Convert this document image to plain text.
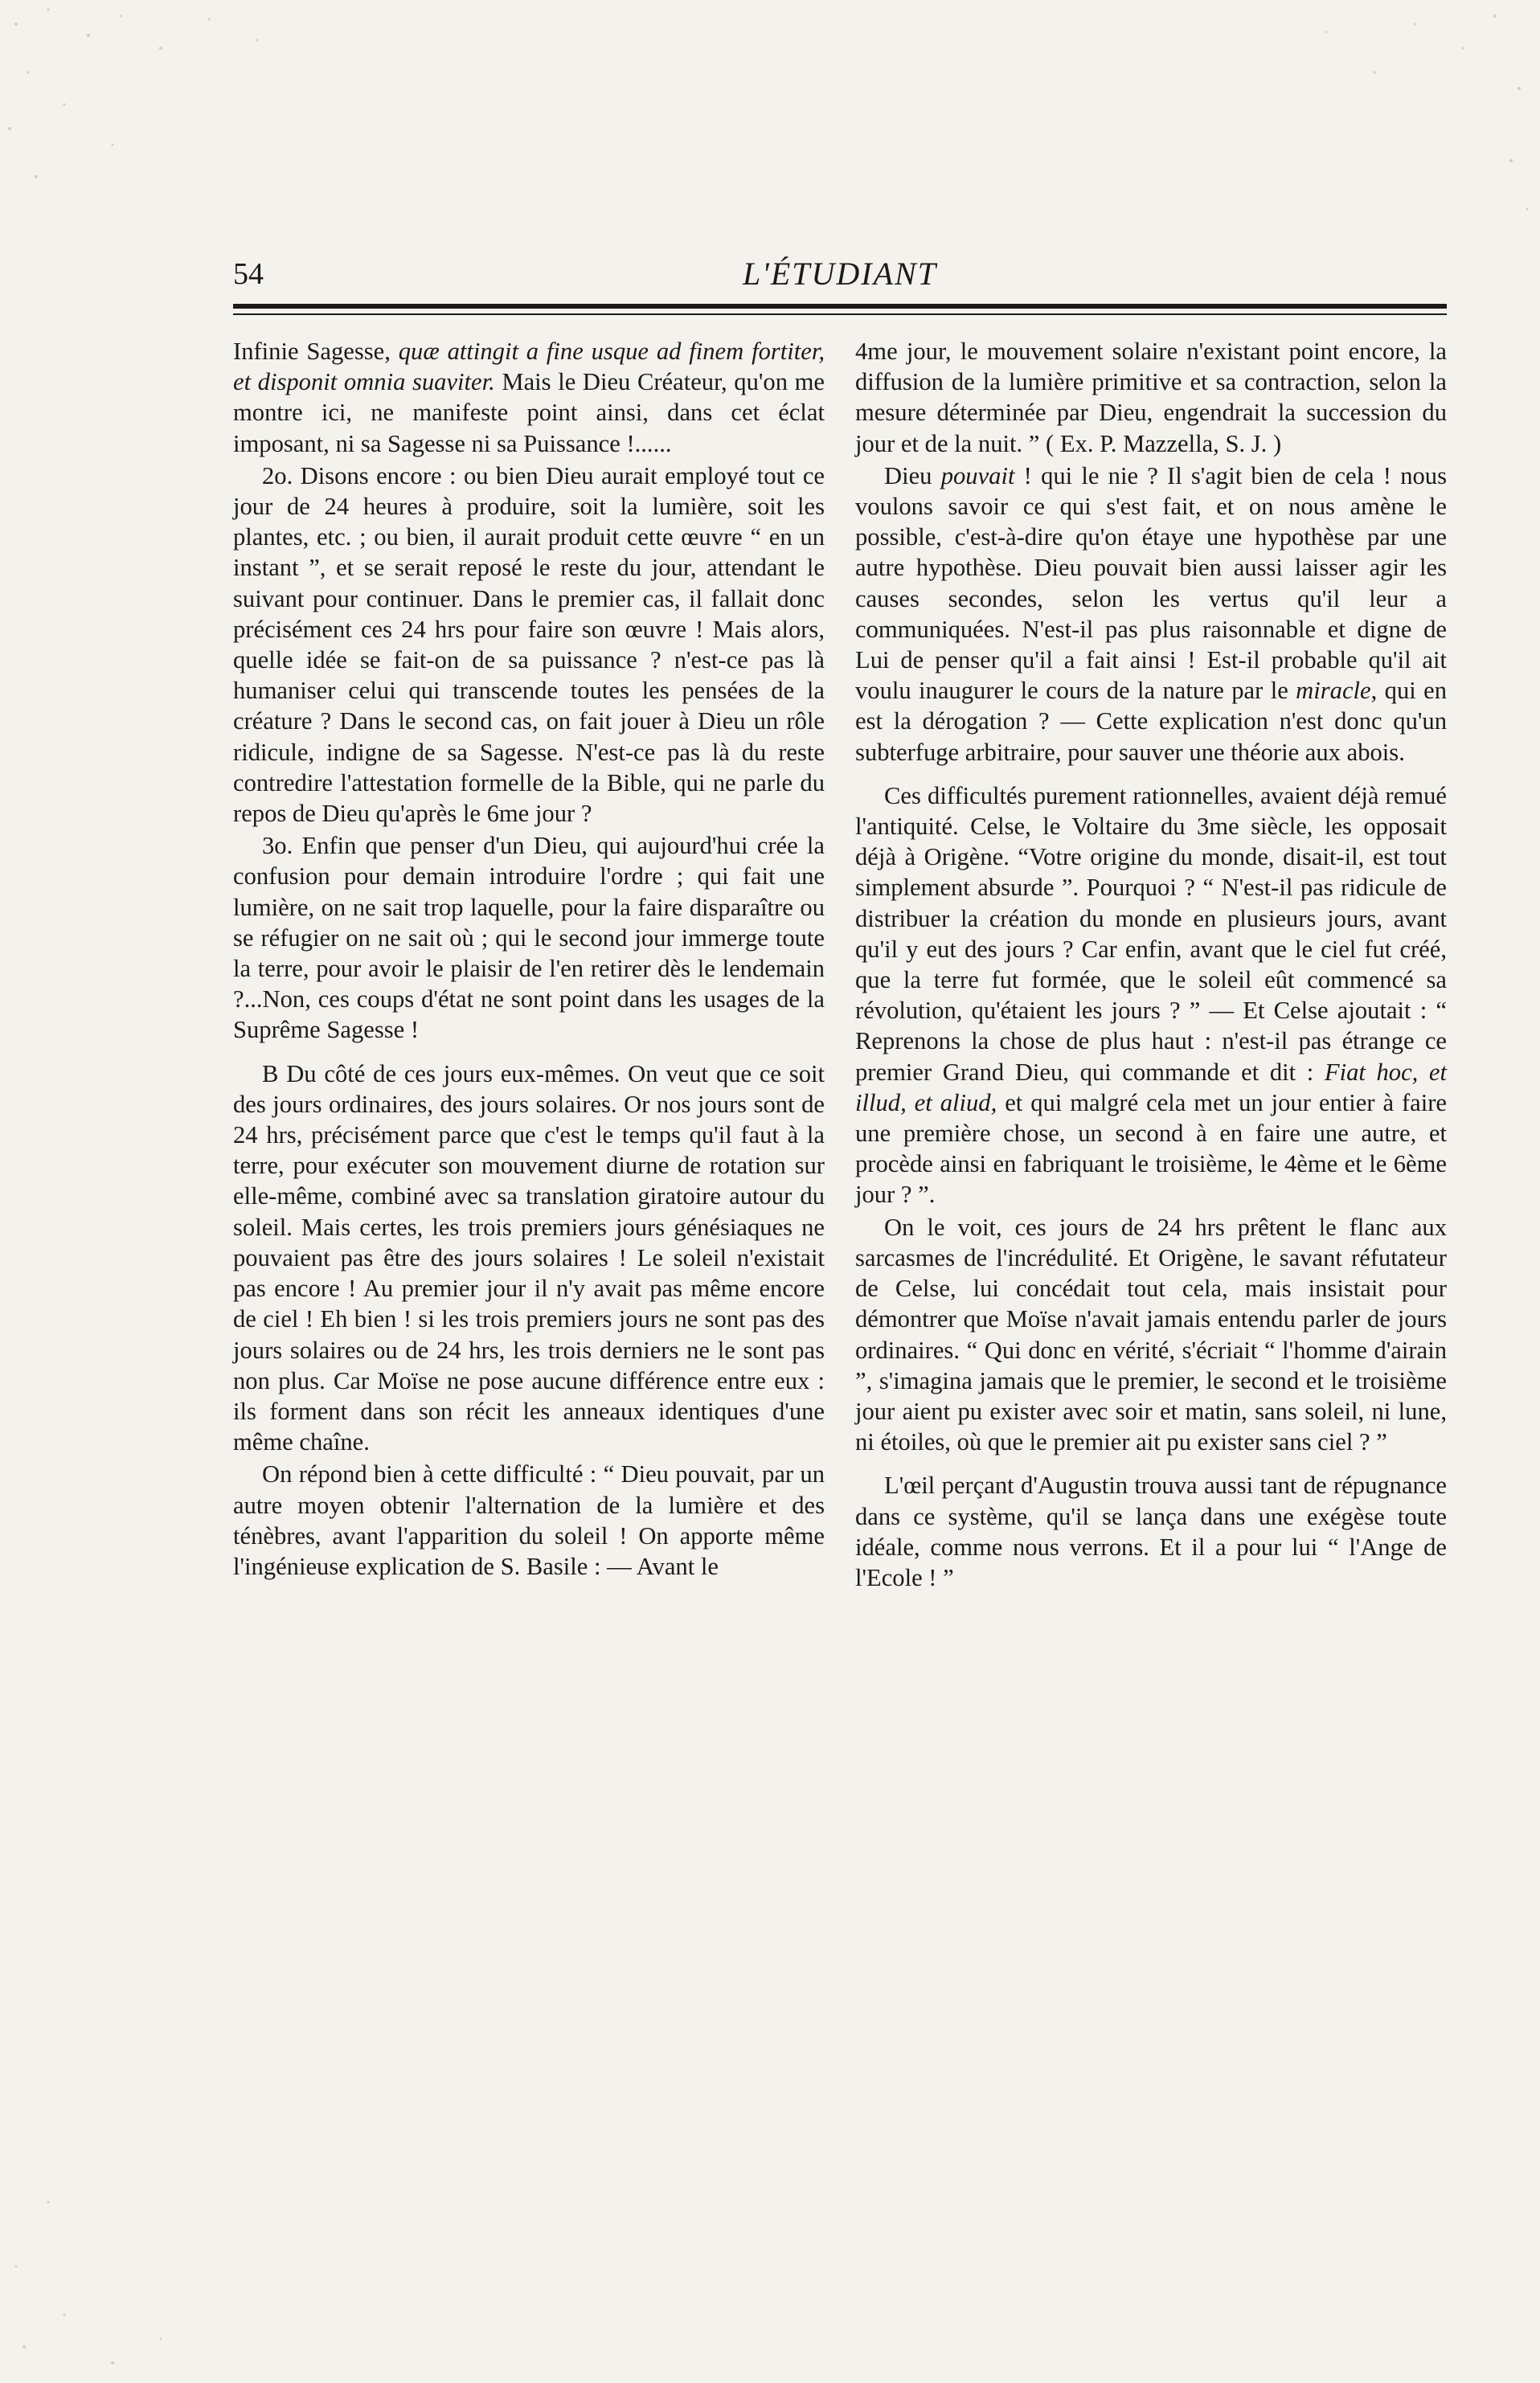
54	L'ÉTUDIANT

Infinie Sagesse, quæ attingit a fine usque ad finem fortiter, et disponit omnia suaviter. Mais le Dieu Créateur, qu'on me montre ici, ne manifeste point ainsi, dans cet éclat imposant, ni sa Sagesse ni sa Puissance !......

2o. Disons encore : ou bien Dieu aurait employé tout ce jour de 24 heures à produire, soit la lumière, soit les plantes, etc. ; ou bien, il aurait produit cette œuvre “ en un instant ”, et se serait reposé le reste du jour, attendant le suivant pour continuer. Dans le premier cas, il fallait donc précisément ces 24 hrs pour faire son œuvre ! Mais alors, quelle idée se fait-on de sa puissance ? n'est-ce pas là humaniser celui qui transcende toutes les pensées de la créature ? Dans le second cas, on fait jouer à Dieu un rôle ridicule, indigne de sa Sagesse. N'est-ce pas là du reste contredire l'attestation formelle de la Bible, qui ne parle du repos de Dieu qu'après le 6me jour ?

3o. Enfin que penser d'un Dieu, qui aujourd'hui crée la confusion pour demain introduire l'ordre ; qui fait une lumière, on ne sait trop laquelle, pour la faire disparaître ou se réfugier on ne sait où ; qui le second jour immerge toute la terre, pour avoir le plaisir de l'en retirer dès le lendemain ?...Non, ces coups d'état ne sont point dans les usages de la Suprême Sagesse !

B Du côté de ces jours eux-mêmes. On veut que ce soit des jours ordinaires, des jours solaires. Or nos jours sont de 24 hrs, précisément parce que c'est le temps qu'il faut à la terre, pour exécuter son mouvement diurne de rotation sur elle-même, combiné avec sa translation giratoire autour du soleil. Mais certes, les trois premiers jours génésiaques ne pouvaient pas être des jours solaires ! Le soleil n'existait pas encore ! Au premier jour il n'y avait pas même encore de ciel ! Eh bien ! si les trois premiers jours ne sont pas des jours solaires ou de 24 hrs, les trois derniers ne le sont pas non plus. Car Moïse ne pose aucune différence entre eux : ils forment dans son récit les anneaux identiques d'une même chaîne.

On répond bien à cette difficulté : “ Dieu pouvait, par un autre moyen obtenir l'alternation de la lumière et des ténèbres, avant l'apparition du soleil ! On apporte même l'ingénieuse explication de S. Basile : — Avant le

4me jour, le mouvement solaire n'existant point encore, la diffusion de la lumière primitive et sa contraction, selon la mesure déterminée par Dieu, engendrait la succession du jour et de la nuit. ” ( Ex. P. Mazzella, S. J. )

Dieu pouvait ! qui le nie ? Il s'agit bien de cela ! nous voulons savoir ce qui s'est fait, et on nous amène le possible, c'est-à-dire qu'on étaye une hypothèse par une autre hypothèse. Dieu pouvait bien aussi laisser agir les causes secondes, selon les vertus qu'il leur a communiquées. N'est-il pas plus raisonnable et digne de Lui de penser qu'il a fait ainsi ! Est-il probable qu'il ait voulu inaugurer le cours de la nature par le miracle, qui en est la dérogation ? — Cette explication n'est donc qu'un subterfuge arbitraire, pour sauver une théorie aux abois.

Ces difficultés purement rationnelles, avaient déjà remué l'antiquité. Celse, le Voltaire du 3me siècle, les opposait déjà à Origène. “Votre origine du monde, disait-il, est tout simplement absurde ”. Pourquoi ? “ N'est-il pas ridicule de distribuer la création du monde en plusieurs jours, avant qu'il y eut des jours ? Car enfin, avant que le ciel fut créé, que la terre fut formée, que le soleil eût commencé sa révolution, qu'étaient les jours ? ” — Et Celse ajoutait : “ Reprenons la chose de plus haut : n'est-il pas étrange ce premier Grand Dieu, qui commande et dit : Fiat hoc, et illud, et aliud, et qui malgré cela met un jour entier à faire une première chose, un second à en faire une autre, et procède ainsi en fabriquant le troisième, le 4ème et le 6ème jour ? ”.

On le voit, ces jours de 24 hrs prêtent le flanc aux sarcasmes de l'incrédulité. Et Origène, le savant réfutateur de Celse, lui concédait tout cela, mais insistait pour démontrer que Moïse n'avait jamais entendu parler de jours ordinaires. “ Qui donc en vérité, s'écriait “ l'homme d'airain ”, s'imagina jamais que le premier, le second et le troisième jour aient pu exister avec soir et matin, sans soleil, ni lune, ni étoiles, où que le premier ait pu exister sans ciel ? ”

L'œil perçant d'Augustin trouva aussi tant de répugnance dans ce système, qu'il se lança dans une exégèse toute idéale, comme nous verrons. Et il a pour lui “ l'Ange de l'Ecole ! ”
